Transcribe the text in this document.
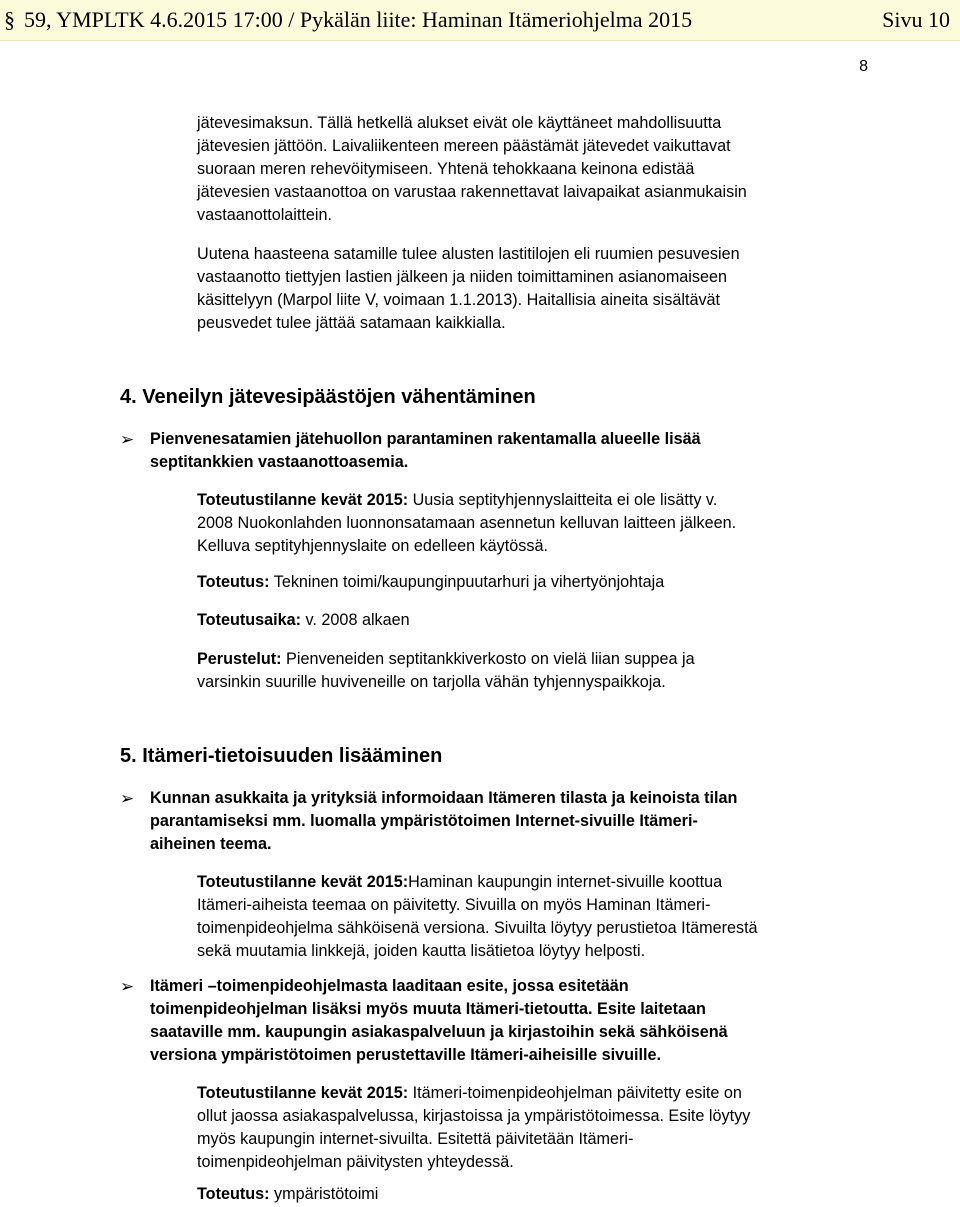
§ 59, YMPLTK 4.6.2015 17:00 / Pykälän liite: Haminan Itämeriohjelma 2015	Sivu 10
8
jätevesimaksun. Tällä hetkellä alukset eivät ole käyttäneet mahdollisuutta
jätevesien jättöön. Laivaliikenteen mereen päästämät jätevedet vaikuttavat
suoraan meren rehevöitymiseen. Yhtenä tehokkaana keinona edistää
jätevesien vastaanottoa on varustaa rakennettavat laivapaikat asianmukaisin
vastaanottolaittein.
Uutena haasteena satamille tulee alusten lastitilojen eli ruumien pesuvesien
vastaanotto tiettyjen lastien jälkeen ja niiden toimittaminen asianomaiseen
käsittelyyn (Marpol liite V, voimaan 1.1.2013). Haitallisia aineita sisältävät
peusvedet tulee jättää satamaan kaikkialla.
4. Veneilyn jätevesipäästöjen vähentäminen
➢ Pienvenesatamien jätehuollon parantaminen rakentamalla alueelle lisää
septitankkien vastaanottoasemia.
Toteutustilanne kevät 2015: Uusia septityhjennyslaitteita ei ole lisätty v.
2008 Nuokonlahden luonnonsatamaan asennetun kelluvan laitteen jälkeen.
Kelluva septityhjennyslaite on edelleen käytössä.
Toteutus: Tekninen toimi/kaupunginpuutarhuri ja vihertyönjohtaja
Toteutusaika: v. 2008 alkaen
Perustelut: Pienveneiden septitankkiverkosto on vielä liian suppea ja
varsinkin suurille huviveneille on tarjolla vähän tyhjennyspaikkoja.
5. Itämeri-tietoisuuden lisääminen
➢ Kunnan asukkaita ja yrityksiä informoidaan Itämeren tilasta ja keinoista tilan
parantamiseksi mm. luomalla ympäristötoimen Internet-sivuille Itämeri-
aiheinen teema.
Toteutustilanne kevät 2015:Haminan kaupungin internet-sivuille koottua
Itämeri-aiheista teemaa on päivitetty. Sivuilla on myös Haminan Itämeri-
toimenpideohjelma sähköisenä versiona. Sivuilta löytyy perustietoa Itämerestä
sekä muutamia linkkejä, joiden kautta lisätietoa löytyy helposti.
➢ Itämeri –toimenpideohjelmasta laaditaan esite, jossa esitetään
toimenpideohjelman lisäksi myös muuta Itämeri-tietoutta. Esite laitetaan
saataville mm. kaupungin asiakaspalveluun ja kirjastoihin sekä sähköisenä
versiona ympäristötoimen perustettaville Itämeri-aiheisille sivuille.
Toteutustilanne kevät 2015: Itämeri-toimenpideohjelman päivitetty esite on
ollut jaossa asiakaspalvelussa, kirjastoissa ja ympäristötoimessa. Esite löytyy
myös kaupungin internet-sivuilta. Esitettä päivitetään Itämeri-
toimenpideohjelman päivitysten yhteydessä.
Toteutus: ympäristötoimi
